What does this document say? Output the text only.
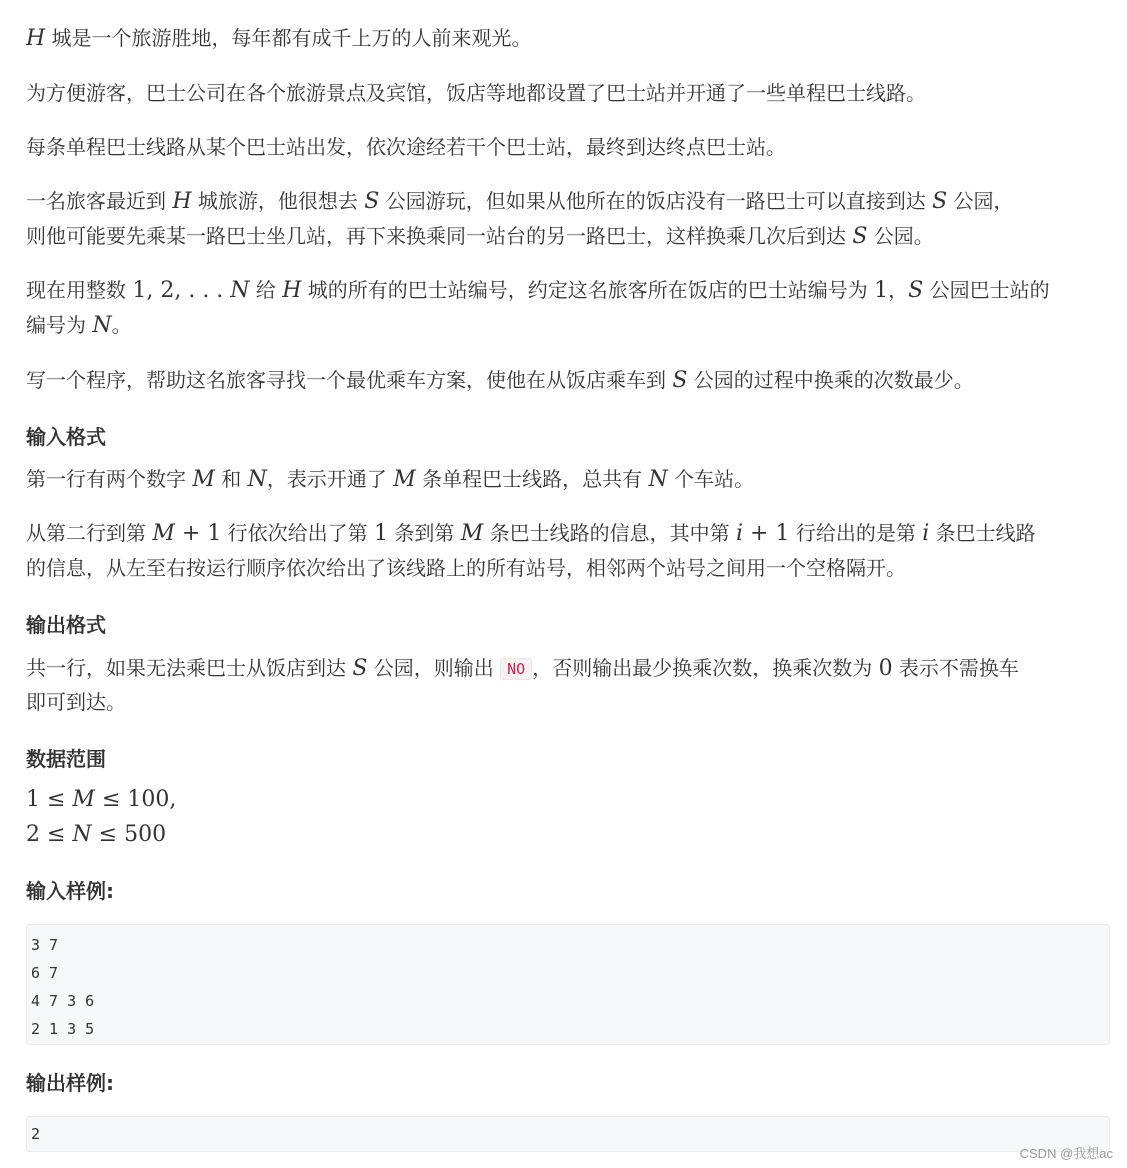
H 城是一个旅游胜地，每年都有成千上万的人前来观光。
为方便游客，巴士公司在各个旅游景点及宾馆，饭店等地都设置了巴士站并开通了一些单程巴士线路。
每条单程巴士线路从某个巴士站出发，依次途经若干个巴士站，最终到达终点巴士站。
一名旅客最近到 H 城旅游，他很想去 S 公园游玩，但如果从他所在的饭店没有一路巴士可以直接到达 S 公园，
则他可能要先乘某一路巴士坐几站，再下来换乘同一站台的另一路巴士，这样换乘几次后到达 S 公园。
现在用整数 1, 2, . . . N 给 H 城的所有的巴士站编号，约定这名旅客所在饭店的巴士站编号为 1，S 公园巴士站的
编号为 N。
写一个程序，帮助这名旅客寻找一个最优乘车方案，使他在从饭店乘车到 S 公园的过程中换乘的次数最少。
输入格式
第一行有两个数字 M 和 N，表示开通了 M 条单程巴士线路，总共有 N 个车站。
从第二行到第 M + 1 行依次给出了第 1 条到第 M 条巴士线路的信息，其中第 i + 1 行给出的是第 i 条巴士线路
的信息，从左至右按运行顺序依次给出了该线路上的所有站号，相邻两个站号之间用一个空格隔开。
输出格式
共一行，如果无法乘巴士从饭店到达 S 公园，则输出 NO ，否则输出最少换乘次数，换乘次数为 0 表示不需换车
即可到达。
数据范围
1 ≤ M ≤ 100,
2 ≤ N ≤ 500
输入样例:
3 7
6 7
4 7 3 6
2 1 3 5
输出样例:
2
CSDN @我想ac
